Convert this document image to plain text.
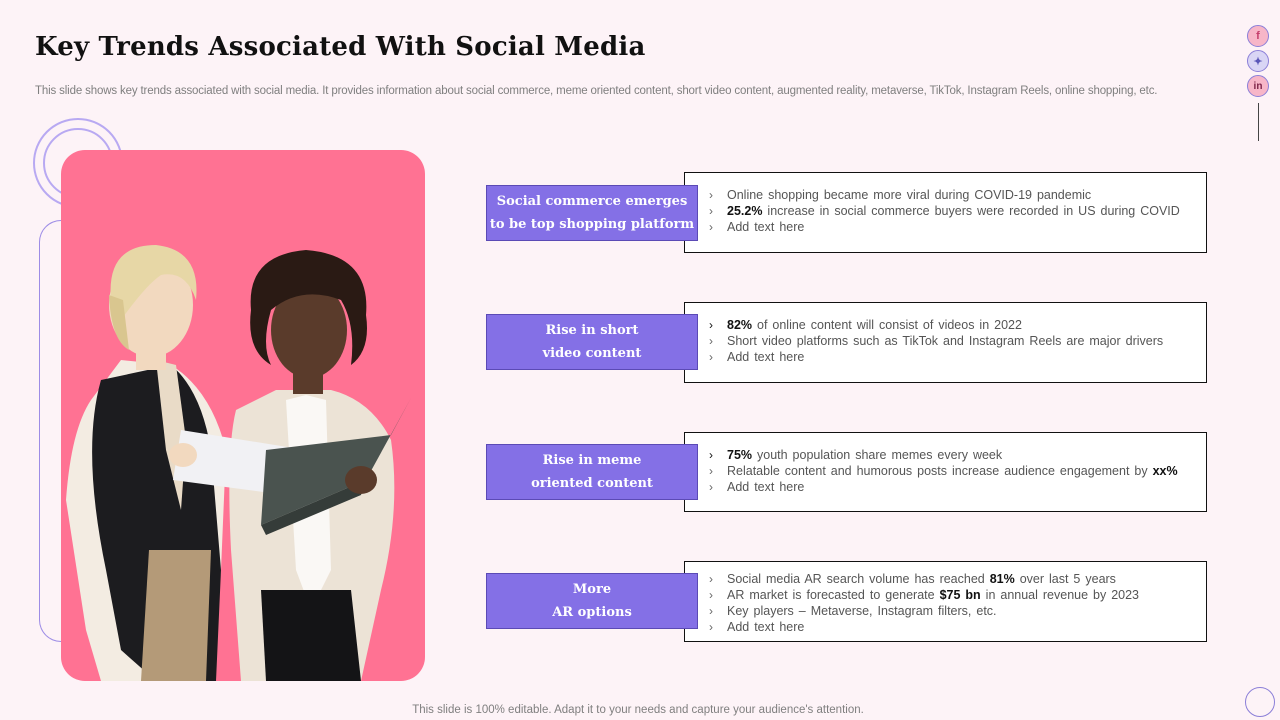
Key Trends Associated With Social Media
This slide shows key trends associated with social media. It provides information about social commerce, meme oriented content, short video content, augmented reality, metaverse, TikTok, Instagram Reels, online shopping, etc.
f
✦
in
› Online shopping became more viral during COVID-19 pandemic
› 25.2% increase in social commerce buyers were recorded in US during COVID
› Add text here
Social commerce emerges
to be top shopping platform
› 82% of online content will consist of videos in 2022
› Short video platforms such as TikTok and Instagram Reels are major drivers
› Add text here
Rise in short
video content
› 75% youth population share memes every week
› Relatable content and humorous posts increase audience engagement by xx%
› Add text here
Rise in meme
oriented content
› Social media AR search volume has reached 81% over last 5 years
› AR market is forecasted to generate $75 bn in annual revenue by 2023
› Key players – Metaverse, Instagram filters, etc.
› Add text here
More
AR options
This slide is 100% editable. Adapt it to your needs and capture your audience's attention.
